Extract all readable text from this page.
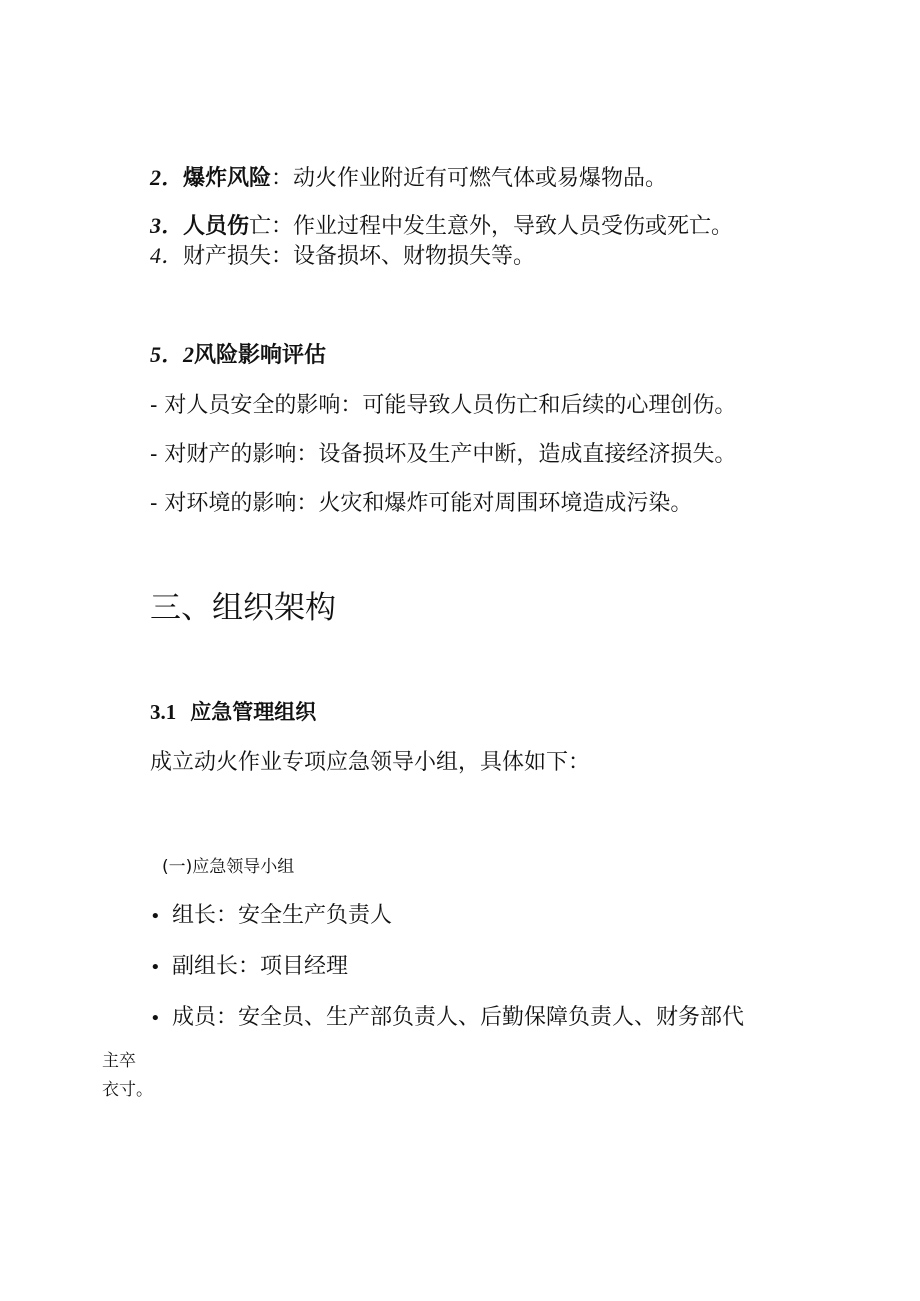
2．爆炸风险：动火作业附近有可燃气体或易爆物品。
3．人员伤亡：作业过程中发生意外，导致人员受伤或死亡。
4．财产损失：设备损坏、财物损失等。
5．2风险影响评估
- 对人员安全的影响：可能导致人员伤亡和后续的心理创伤。
- 对财产的影响：设备损坏及生产中断，造成直接经济损失。
- 对环境的影响：火灾和爆炸可能对周围环境造成污染。
三、组织架构
3.1 应急管理组织
成立动火作业专项应急领导小组，具体如下：
(一)应急领导小组
• 组长：安全生产负责人
• 副组长：项目经理
• 成员：安全员、生产部负责人、后勤保障负责人、财务部代
主卒
衣寸。
